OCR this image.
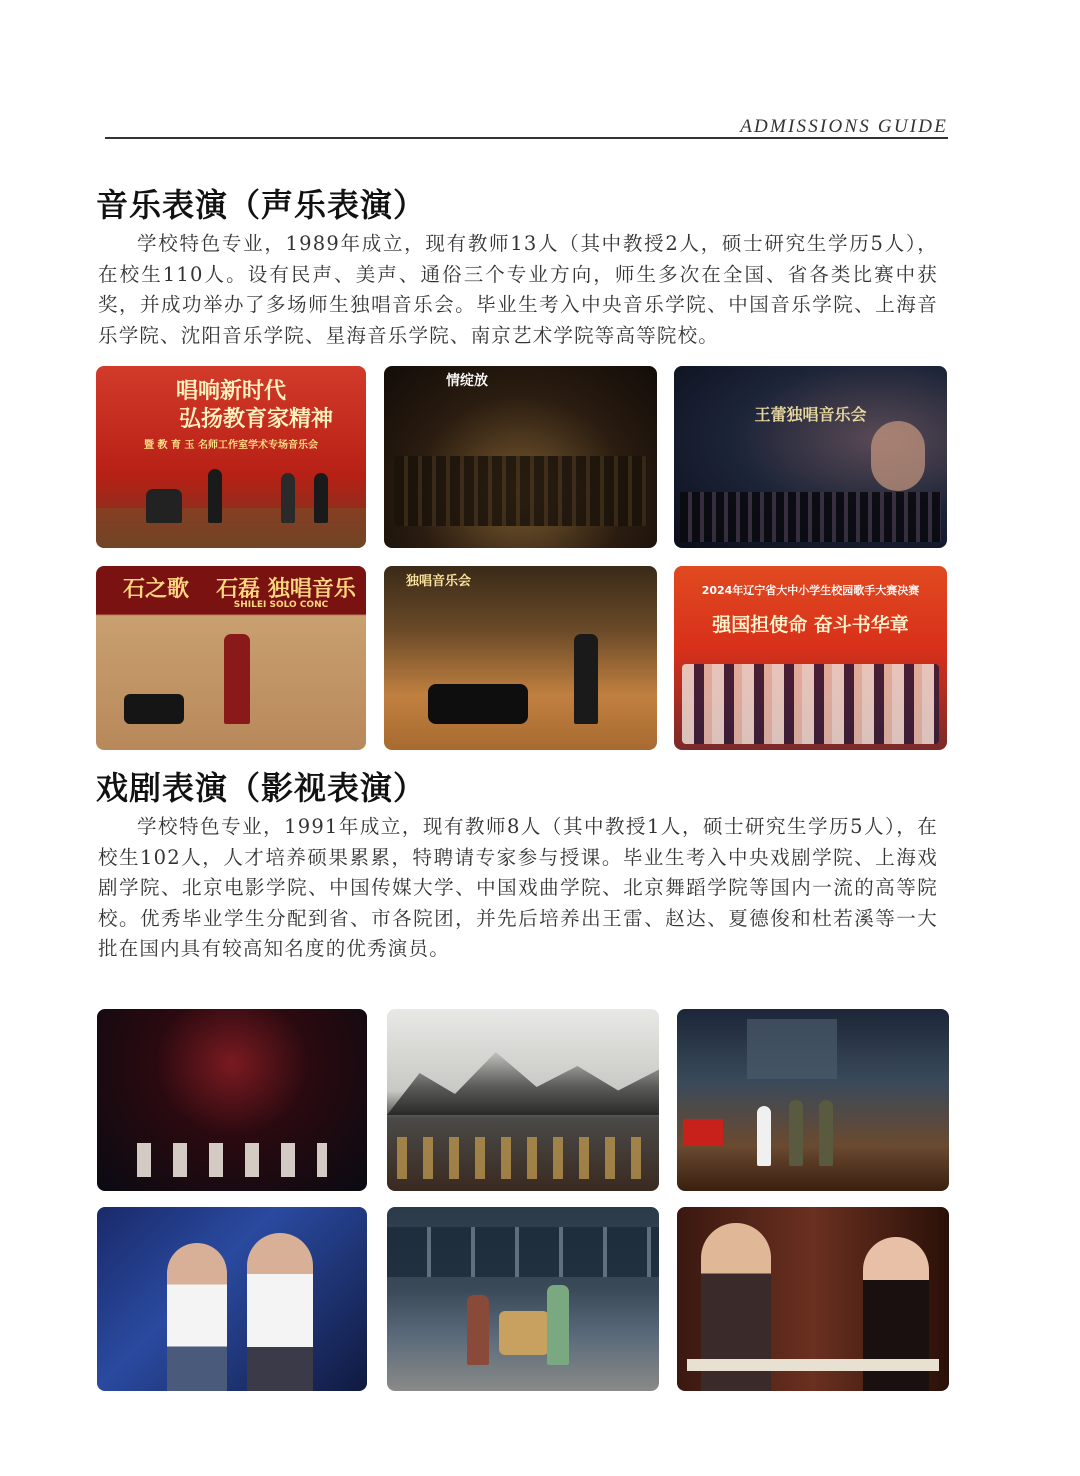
ADMISSIONS GUIDE
音乐表演（声乐表演）

学校特色专业，1989年成立，现有教师13人（其中教授2人，硕士研究生学历5人），在校生110人。设有民声、美声、通俗三个专业方向，师生多次在全国、省各类比赛中获奖，并成功举办了多场师生独唱音乐会。毕业生考入中央音乐学院、中国音乐学院、上海音乐学院、沈阳音乐学院、星海音乐学院、南京艺术学院等高等院校。

唱响新时代
弘扬教育家精神
暨 教 育 玉 名师工作室学术专场音乐会
情绽放
王蕾独唱音乐会
石之歌	石磊 独唱音乐
SHILEI SOLO CONC
独唱音乐会
2024年辽宁省大中小学生校园歌手大赛决赛
强国担使命 奋斗书华章
戏剧表演（影视表演）

学校特色专业，1991年成立，现有教师8人（其中教授1人，硕士研究生学历5人），在校生102人，人才培养硕果累累，特聘请专家参与授课。毕业生考入中央戏剧学院、上海戏剧学院、北京电影学院、中国传媒大学、中国戏曲学院、北京舞蹈学院等国内一流的高等院校。优秀毕业学生分配到省、市各院团，并先后培养出王雷、赵达、夏德俊和杜若溪等一大批在国内具有较高知名度的优秀演员。
